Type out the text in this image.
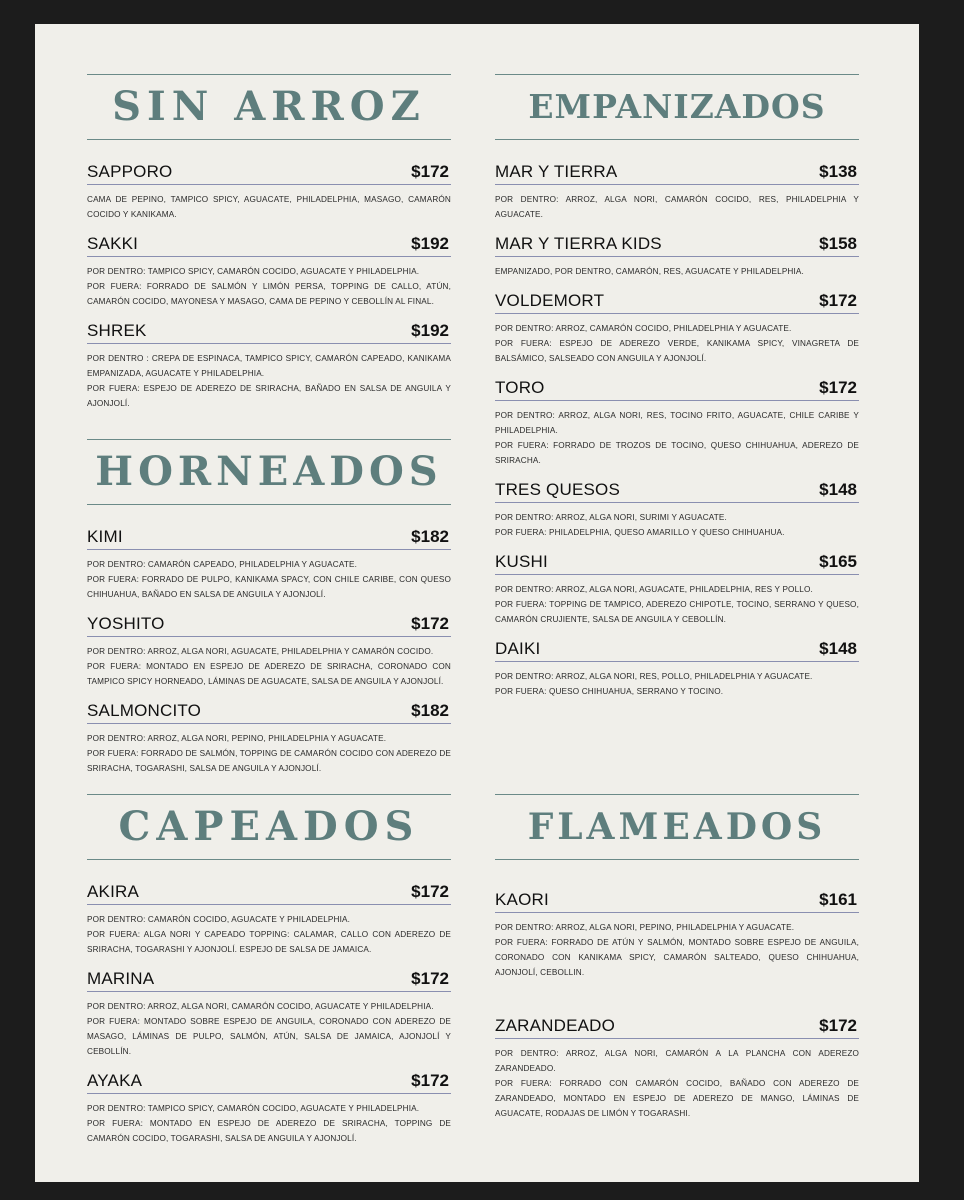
SIN ARROZ
SAPPORO	$172

CAMA DE PEPINO, TAMPICO SPICY, AGUACATE, PHILADELPHIA, MASAGO, CAMARÓN COCIDO Y KANIKAMA.

SAKKI	$192

POR DENTRO: TAMPICO SPICY, CAMARÓN COCIDO, AGUACATE Y PHILADELPHIA.

POR FUERA: FORRADO DE SALMÓN Y LIMÓN PERSA, TOPPING DE CALLO, ATÚN, CAMARÓN COCIDO, MAYONESA Y MASAGO, CAMA DE PEPINO Y CEBOLLÍN AL FINAL.

SHREK	$192

POR DENTRO : CREPA DE ESPINACA, TAMPICO SPICY, CAMARÓN CAPEADO, KANIKAMA EMPANIZADA, AGUACATE Y PHILADELPHIA.

POR FUERA: ESPEJO DE ADEREZO DE SRIRACHA, BAÑADO EN SALSA DE ANGUILA Y AJONJOLÍ.

HORNEADOS
KIMI	$182

POR DENTRO: CAMARÓN CAPEADO, PHILADELPHIA Y AGUACATE.

POR FUERA: FORRADO DE PULPO, KANIKAMA SPACY, CON CHILE CARIBE, CON QUESO CHIHUAHUA, BAÑADO EN SALSA DE ANGUILA Y AJONJOLÍ.

YOSHITO	$172

POR DENTRO: ARROZ, ALGA NORI, AGUACATE, PHILADELPHIA Y CAMARÓN COCIDO.

POR FUERA: MONTADO EN ESPEJO DE ADEREZO DE SRIRACHA, CORONADO CON TAMPICO SPICY HORNEADO, LÁMINAS DE AGUACATE, SALSA DE ANGUILA Y AJONJOLÍ.

SALMONCITO	$182

POR DENTRO: ARROZ, ALGA NORI, PEPINO, PHILADELPHIA Y AGUACATE.

POR FUERA: FORRADO DE SALMÓN, TOPPING DE CAMARÓN COCIDO CON ADEREZO DE SRIRACHA, TOGARASHI, SALSA DE ANGUILA Y AJONJOLÍ.

CAPEADOS
AKIRA	$172

POR DENTRO: CAMARÓN COCIDO, AGUACATE Y PHILADELPHIA.

POR FUERA: ALGA NORI Y CAPEADO TOPPING: CALAMAR, CALLO CON ADEREZO DE SRIRACHA, TOGARASHI Y AJONJOLÍ. ESPEJO DE SALSA DE JAMAICA.

MARINA	$172

POR DENTRO: ARROZ, ALGA NORI, CAMARÓN COCIDO, AGUACATE Y PHILADELPHIA.

POR FUERA: MONTADO SOBRE ESPEJO DE ANGUILA, CORONADO CON ADEREZO DE MASAGO, LÁMINAS DE PULPO, SALMÓN, ATÚN, SALSA DE JAMAICA, AJONJOLÍ Y CEBOLLÍN.

AYAKA	$172

POR DENTRO: TAMPICO SPICY, CAMARÓN COCIDO, AGUACATE Y PHILADELPHIA.

POR FUERA: MONTADO EN ESPEJO DE ADEREZO DE SRIRACHA, TOPPING DE CAMARÓN COCIDO, TOGARASHI, SALSA DE ANGUILA Y AJONJOLÍ.

EMPANIZADOS
MAR Y TIERRA	$138

POR DENTRO: ARROZ, ALGA NORI, CAMARÓN COCIDO, RES, PHILADELPHIA Y AGUACATE.

MAR Y TIERRA KIDS	$158

EMPANIZADO, POR DENTRO, CAMARÓN, RES, AGUACATE Y PHILADELPHIA.

VOLDEMORT	$172

POR DENTRO: ARROZ, CAMARÓN COCIDO, PHILADELPHIA Y AGUACATE.

POR FUERA: ESPEJO DE ADEREZO VERDE, KANIKAMA SPICY, VINAGRETA DE BALSÁMICO, SALSEADO CON ANGUILA Y AJONJOLÍ.

TORO	$172

POR DENTRO: ARROZ, ALGA NORI, RES, TOCINO FRITO, AGUACATE, CHILE CARIBE Y PHILADELPHIA.

POR FUERA: FORRADO DE TROZOS DE TOCINO, QUESO CHIHUAHUA, ADEREZO DE SRIRACHA.

TRES QUESOS	$148

POR DENTRO: ARROZ, ALGA NORI, SURIMI Y AGUACATE.

POR FUERA: PHILADELPHIA, QUESO AMARILLO Y QUESO CHIHUAHUA.

KUSHI	$165

POR DENTRO: ARROZ, ALGA NORI, AGUACATE, PHILADELPHIA, RES Y POLLO.

POR FUERA: TOPPING DE TAMPICO, ADEREZO CHIPOTLE, TOCINO, SERRANO Y QUESO, CAMARÓN CRUJIENTE, SALSA DE ANGUILA Y CEBOLLÍN.

DAIKI	$148

POR DENTRO: ARROZ, ALGA NORI, RES, POLLO, PHILADELPHIA Y AGUACATE.

POR FUERA: QUESO CHIHUAHUA, SERRANO Y TOCINO.

FLAMEADOS
KAORI	$161

POR DENTRO: ARROZ, ALGA NORI, PEPINO, PHILADELPHIA Y AGUACATE.

POR FUERA: FORRADO DE ATÚN Y SALMÓN, MONTADO SOBRE ESPEJO DE ANGUILA, CORONADO CON KANIKAMA SPICY, CAMARÓN SALTEADO, QUESO CHIHUAHUA, AJONJOLÍ, CEBOLLIN.

ZARANDEADO	$172

POR DENTRO: ARROZ, ALGA NORI, CAMARÓN A LA PLANCHA CON ADEREZO ZARANDEADO.

POR FUERA: FORRADO CON CAMARÓN COCIDO, BAÑADO CON ADEREZO DE ZARANDEADO, MONTADO EN ESPEJO DE ADEREZO DE MANGO, LÁMINAS DE AGUACATE, RODAJAS DE LIMÓN Y TOGARASHI.
